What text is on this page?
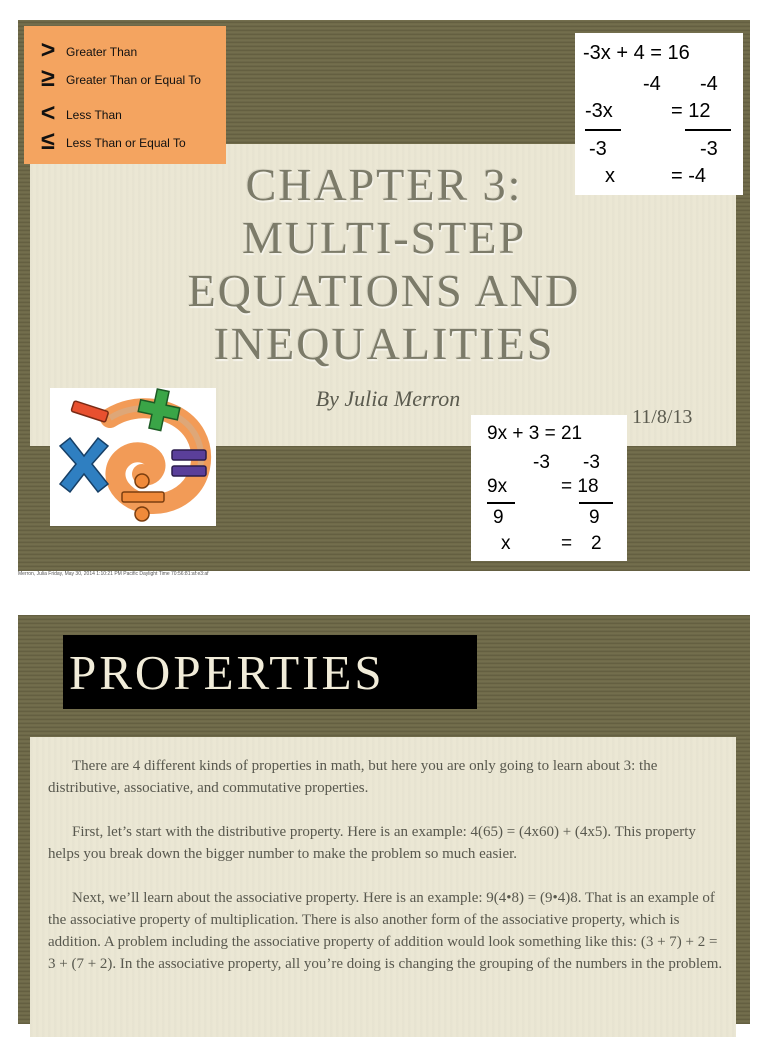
> Greater Than
≥ Greater Than or Equal To
< Less Than
≤ Less Than or Equal To
CHAPTER 3:
MULTI-STEP
EQUATIONS AND
INEQUALITIES
By Julia Merron
11/8/13
-3x + 4 = 16
-4 -4
-3x	= 12
-3	-3
x	= -4
9x + 3 = 21
-3 -3
9x	= 18
9	9
x	= 2
Merron, Julia Friday, May 30, 2014 1:10:21 PM Pacific Daylight Time 70:56:81:af:e3:af
PROPERTIES

There are 4 different kinds of properties in math, but here you are only going to learn about 3: the distributive, associative, and commutative properties.

First, let’s start with the distributive property. Here is an example: 4(65) = (4x60) + (4x5). This property helps you break down the bigger number to make the problem so much easier.

Next, we’ll learn about the associative property. Here is an example: 9(4•8) = (9•4)8. That is an example of the associative property of multiplication. There is also another form of the associative property, which is addition. A problem including the associative property of addition would look something like this: (3 + 7) + 2 = 3 + (7 + 2). In the associative property, all you’re doing is changing the grouping of the numbers in the problem.
